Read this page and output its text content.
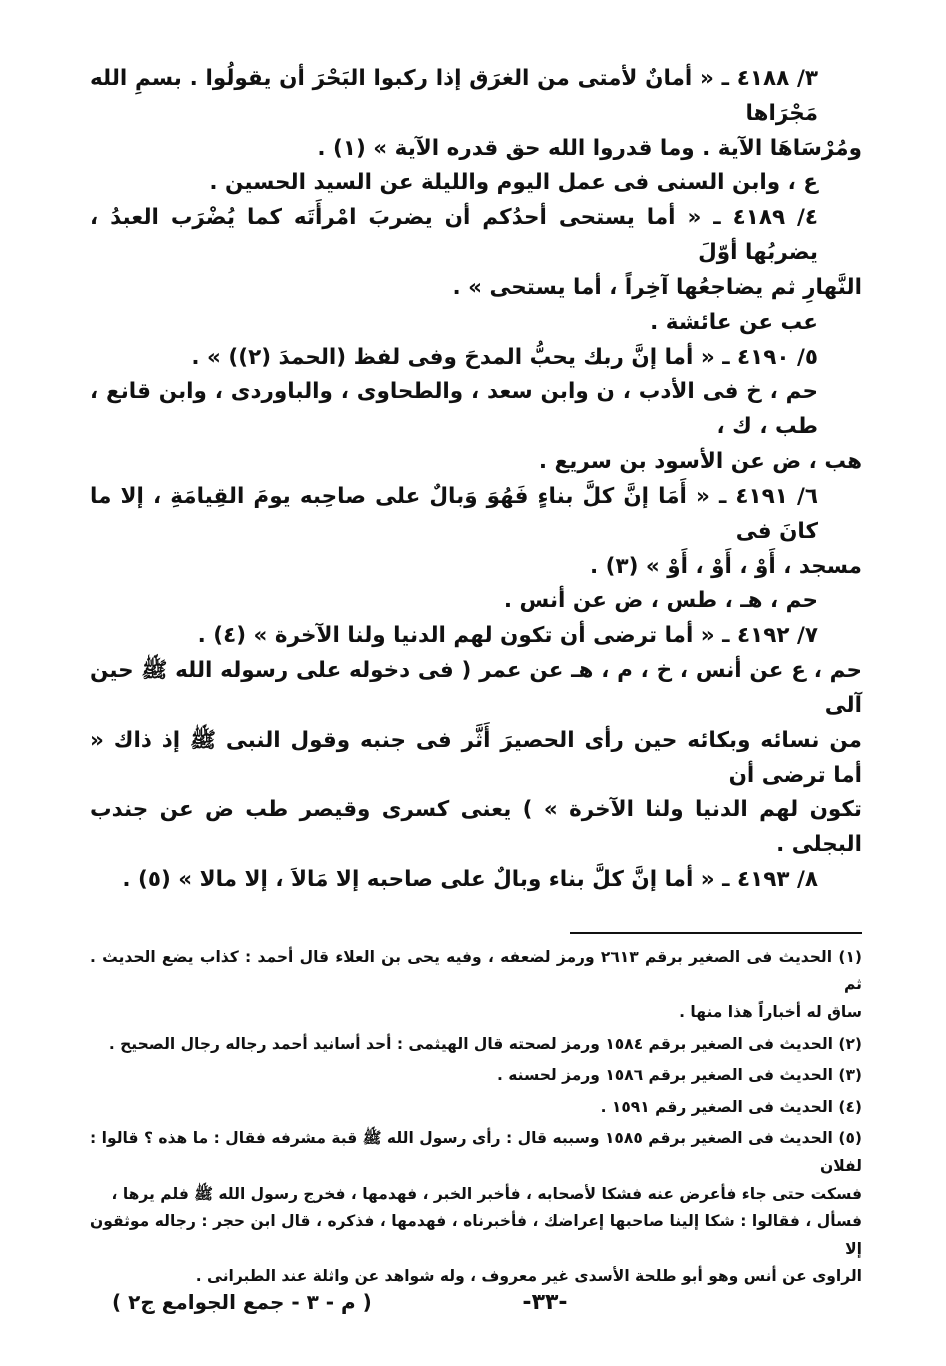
٣/ ٤١٨٨ ـ « أمانٌ لأمتى من الغرَق إذا ركبوا البَحْرَ أن يقولُوا . بسمِ الله مَجْرَاها

ومُرْسَاهَا الآية . وما قدروا الله حق قدره الآية » (١) .

ع ، وابن السنى فى عمل اليوم والليلة عن السيد الحسين .

٤/ ٤١٨٩ ـ « أما يستحى أحدُكم أن يضربَ امْرأَتَه كما يُضْرَب العبدُ ، يضربُها أوّلَ

النَّهارِ ثم يضاجعُها آخِراً ، أما يستحى » .

عب عن عائشة .

٥/ ٤١٩٠ ـ « أما إنَّ ربك يحبُّ المدحَ وفى لفظ (الحمدَ (٢)) » .

حم ، خ فى الأدب ، ن وابن سعد ، والطحاوى ، والباوردى ، وابن قانع ، طب ، ك ،

هب ، ض عن الأسود بن سريع .

٦/ ٤١٩١ ـ « أَمَا إنَّ كلَّ بناءٍ فَهُوَ وَبالٌ على صاحِبه يومَ القِيامَةِ ، إلا ما كانَ فى

مسجد ، أَوْ ، أَوْ ، أَوْ » (٣) .

حم ، هـ ، طس ، ض عن أنس .

٧/ ٤١٩٢ ـ « أما ترضى أن تكون لهم الدنيا ولنا الآخرة » (٤) .

حم ، ع عن أنس ، خ ، م ، هـ عن عمر ( فى دخوله على رسوله الله ﷺ حين آلى

من نسائه وبكائه حين رأى الحصيرَ أَثَّر فى جنبه وقول النبى ﷺ إذ ذاك « أما ترضى أن

تكون لهم الدنيا ولنا الآخرة » ) يعنى كسرى وقيصر طب ض عن جندب البجلى .

٨/ ٤١٩٣ ـ « أما إنَّ كلَّ بناء وبالٌ على صاحبه إلا مَالاَ ، إلا مالا » (٥) .

(١) الحديث فى الصغير برقم ٢٦١٣ ورمز لضعفه ، وفيه يحى بن العلاء قال أحمد : كذاب يضع الحديث . ثم

ساق له أخباراً هذا منها .

(٢) الحديث فى الصغير برقم ١٥٨٤ ورمز لصحته قال الهيثمى : أحد أسانيد أحمد رجاله رجال الصحيح .

(٣) الحديث فى الصغير برقم ١٥٨٦ ورمز لحسنه .

(٤) الحديث فى الصغير رقم ١٥٩١ .

(٥) الحديث فى الصغير برقم ١٥٨٥ وسببه قال : رأى رسول الله ﷺ قبة مشرفه فقال : ما هذه ؟ قالوا : لفلان

فسكت حتى جاء فأعرض عنه فشكا لأصحابه ، فأخبر الخبر ، فهدمها ، فخرج رسول الله ﷺ فلم يرها ،

فسأل ، فقالوا : شكا إلينا صاحبها إعراضك ، فأخبرناه ، فهدمها ، فذكره ، قال ابن حجر : رجاله موثقون إلا

الراوى عن أنس وهو أبو طلحة الأسدى غير معروف ، وله شواهد عن واثلة عند الطبرانى .

-٣٣-
( م - ٣ - جمع الجوامع ج٢ )
